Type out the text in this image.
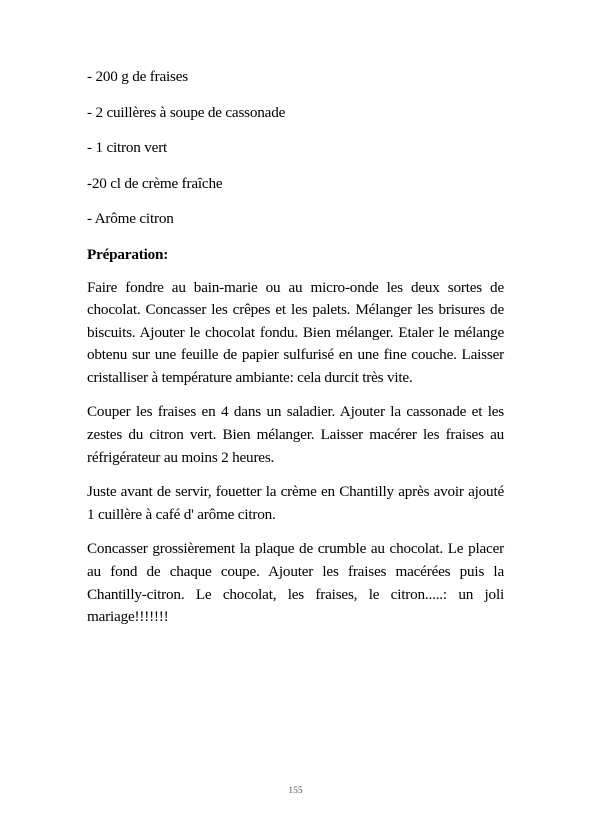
- 200 g de fraises
- 2 cuillères à soupe de cassonade
- 1 citron vert
-20 cl de crème fraîche
- Arôme citron
Préparation:

Faire fondre au bain-marie ou au micro-onde les deux sortes de chocolat. Concasser les crêpes et les palets. Mélanger les brisures de biscuits. Ajouter le chocolat fondu. Bien mélanger. Etaler le mélange obtenu sur une feuille de papier sulfurisé en une fine couche. Laisser cristalliser à température ambiante: cela durcit très vite.

Couper les fraises en 4 dans un saladier. Ajouter la cassonade et les zestes du citron vert. Bien mélanger. Laisser macérer les fraises au réfrigérateur au moins 2 heures.

Juste avant de servir, fouetter la crème en Chantilly après avoir ajouté 1 cuillère à café d' arôme citron.

Concasser grossièrement la plaque de crumble au chocolat. Le placer au fond de chaque coupe. Ajouter les fraises macérées puis la Chantilly-citron. Le chocolat, les fraises, le citron.....: un joli mariage!!!!!!!

155
